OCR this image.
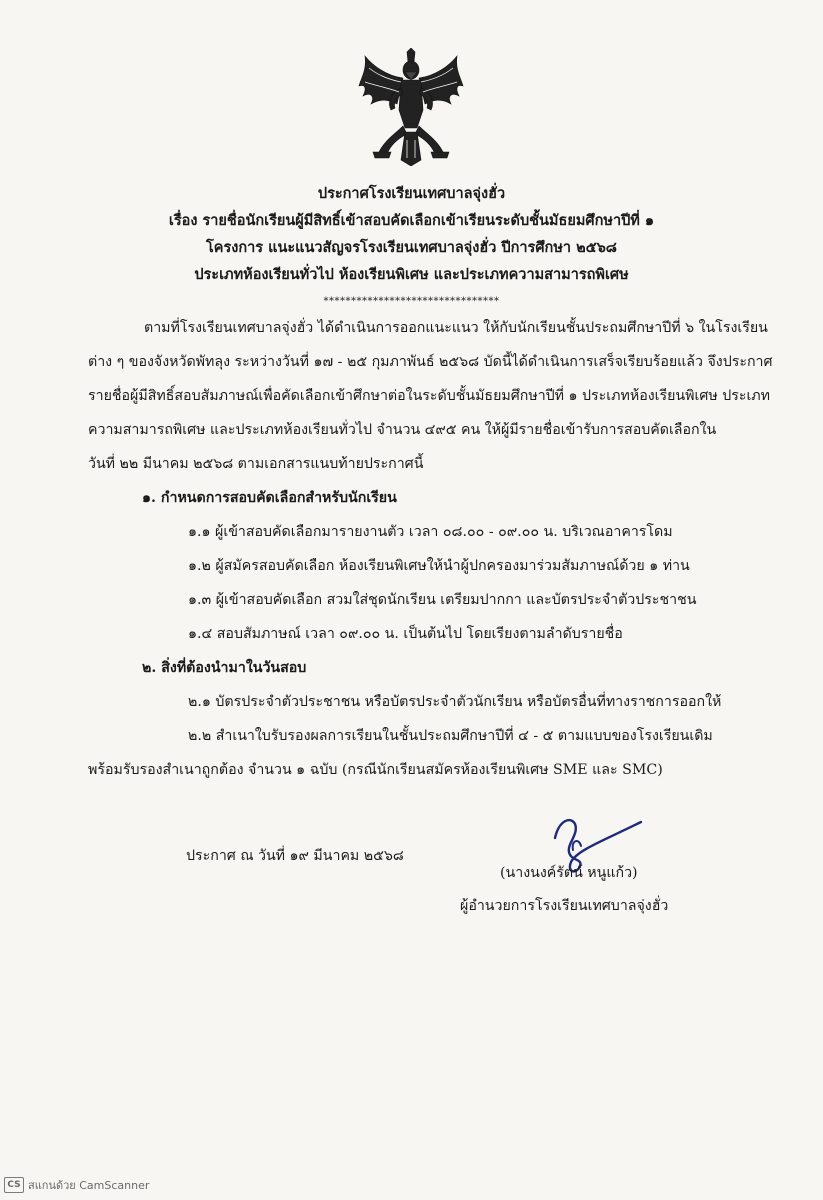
ประกาศโรงเรียนเทศบาลจุ่งฮั่ว
เรื่อง รายชื่อนักเรียนผู้มีสิทธิ์เข้าสอบคัดเลือกเข้าเรียนระดับชั้นมัธยมศึกษาปีที่ ๑
โครงการ แนะแนวสัญจรโรงเรียนเทศบาลจุ่งฮั่ว ปีการศึกษา ๒๕๖๘
ประเภทห้องเรียนทั่วไป ห้องเรียนพิเศษ และประเภทความสามารถพิเศษ
********************************
ตามที่โรงเรียนเทศบาลจุ่งฮั่ว ได้ดำเนินการออกแนะแนว ให้กับนักเรียนชั้นประถมศึกษาปีที่ ๖ ในโรงเรียน
ต่าง ๆ ของจังหวัดพัทลุง ระหว่างวันที่ ๑๗ - ๒๕ กุมภาพันธ์ ๒๕๖๘ บัดนี้ได้ดำเนินการเสร็จเรียบร้อยแล้ว จึงประกาศ
รายชื่อผู้มีสิทธิ์สอบสัมภาษณ์เพื่อคัดเลือกเข้าศึกษาต่อในระดับชั้นมัธยมศึกษาปีที่ ๑ ประเภทห้องเรียนพิเศษ ประเภท
ความสามารถพิเศษ และประเภทห้องเรียนทั่วไป จำนวน ๔๙๕ คน ให้ผู้มีรายชื่อเข้ารับการสอบคัดเลือกใน
วันที่ ๒๒ มีนาคม ๒๕๖๘ ตามเอกสารแนบท้ายประกาศนี้
๑. กำหนดการสอบคัดเลือกสำหรับนักเรียน
๑.๑ ผู้เข้าสอบคัดเลือกมารายงานตัว เวลา ๐๘.๐๐ - ๐๙.๐๐ น. บริเวณอาคารโดม
๑.๒ ผู้สมัครสอบคัดเลือก ห้องเรียนพิเศษให้นำผู้ปกครองมาร่วมสัมภาษณ์ด้วย ๑ ท่าน
๑.๓ ผู้เข้าสอบคัดเลือก สวมใส่ชุดนักเรียน เตรียมปากกา และบัตรประจำตัวประชาชน
๑.๔ สอบสัมภาษณ์ เวลา ๐๙.๐๐ น. เป็นต้นไป โดยเรียงตามลำดับรายชื่อ
๒. สิ่งที่ต้องนำมาในวันสอบ
๒.๑ บัตรประจำตัวประชาชน หรือบัตรประจำตัวนักเรียน หรือบัตรอื่นที่ทางราชการออกให้
๒.๒ สำเนาใบรับรองผลการเรียนในชั้นประถมศึกษาปีที่ ๔ - ๕ ตามแบบของโรงเรียนเดิม
พร้อมรับรองสำเนาถูกต้อง จำนวน ๑ ฉบับ (กรณีนักเรียนสมัครห้องเรียนพิเศษ SME และ SMC)
ประกาศ ณ วันที่ ๑๙ มีนาคม ๒๕๖๘
(นางนงค์รัตน์ หนูแก้ว)
ผู้อำนวยการโรงเรียนเทศบาลจุ่งฮั่ว
CS สแกนด้วย CamScanner
